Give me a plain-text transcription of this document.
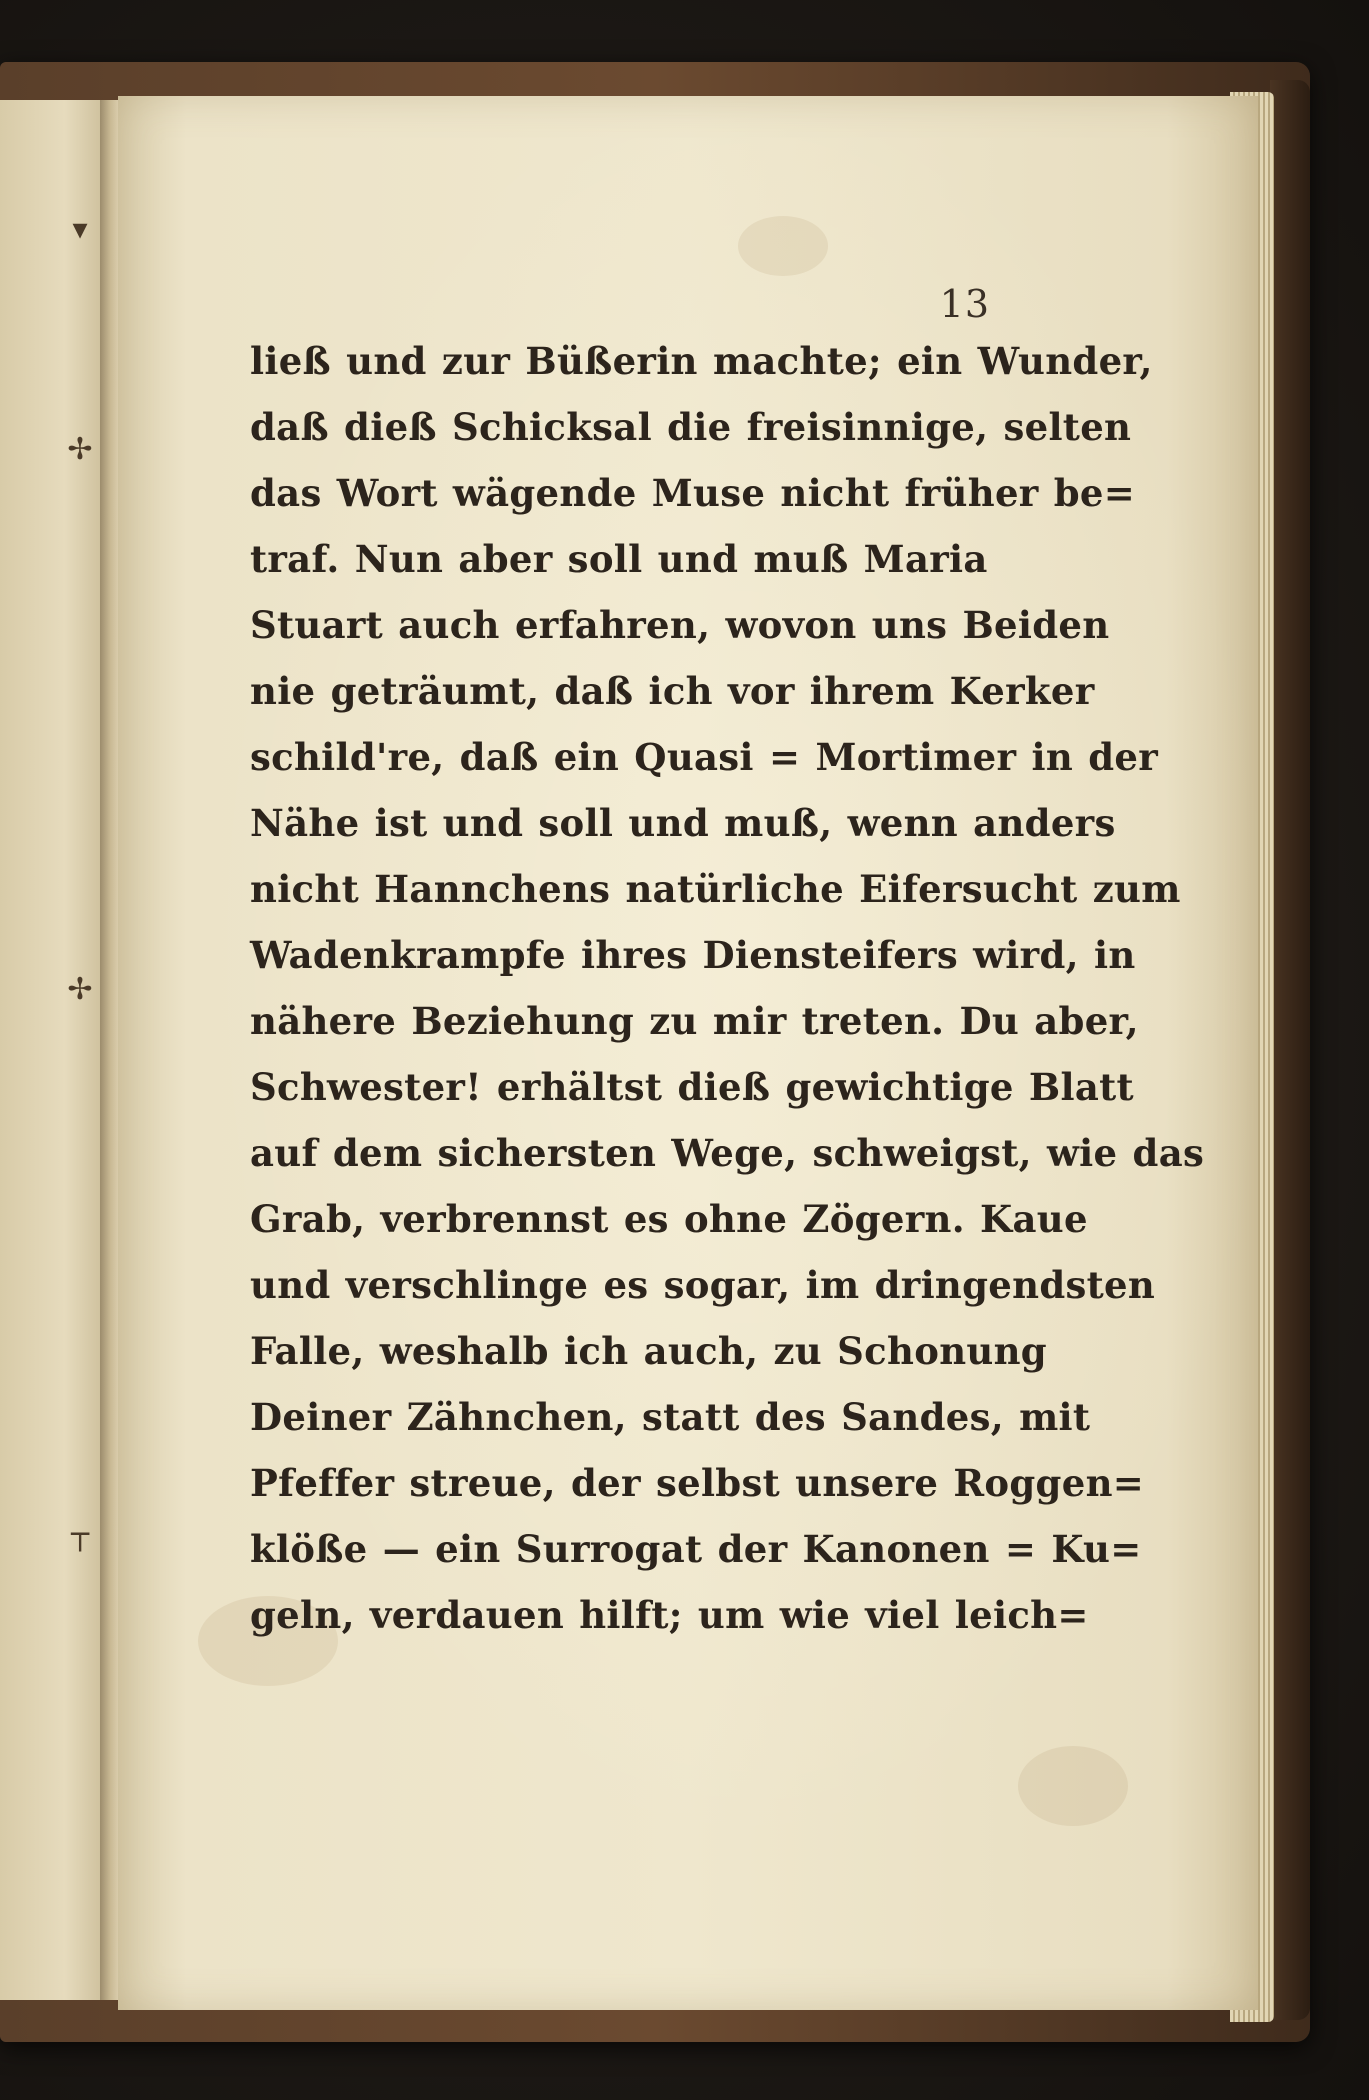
▾
✢
✢
┬
13
ließ und zur Büßerin machte; ein Wunder,
daß dieß Schicksal die freisinnige, selten
das Wort wägende Muse nicht früher be=
traf. Nun aber soll und muß Maria
Stuart auch erfahren, wovon uns Beiden
nie geträumt, daß ich vor ihrem Kerker
schild're, daß ein Quasi = Mortimer in der
Nähe ist und soll und muß, wenn anders
nicht Hannchens natürliche Eifersucht zum
Wadenkrampfe ihres Diensteifers wird, in
nähere Beziehung zu mir treten. Du aber,
Schwester! erhältst dieß gewichtige Blatt
auf dem sichersten Wege, schweigst, wie das
Grab, verbrennst es ohne Zögern. Kaue
und verschlinge es sogar, im dringendsten
Falle, weshalb ich auch, zu Schonung
Deiner Zähnchen, statt des Sandes, mit
Pfeffer streue, der selbst unsere Roggen=
klöße — ein Surrogat der Kanonen = Ku=
geln, verdauen hilft; um wie viel leich=
